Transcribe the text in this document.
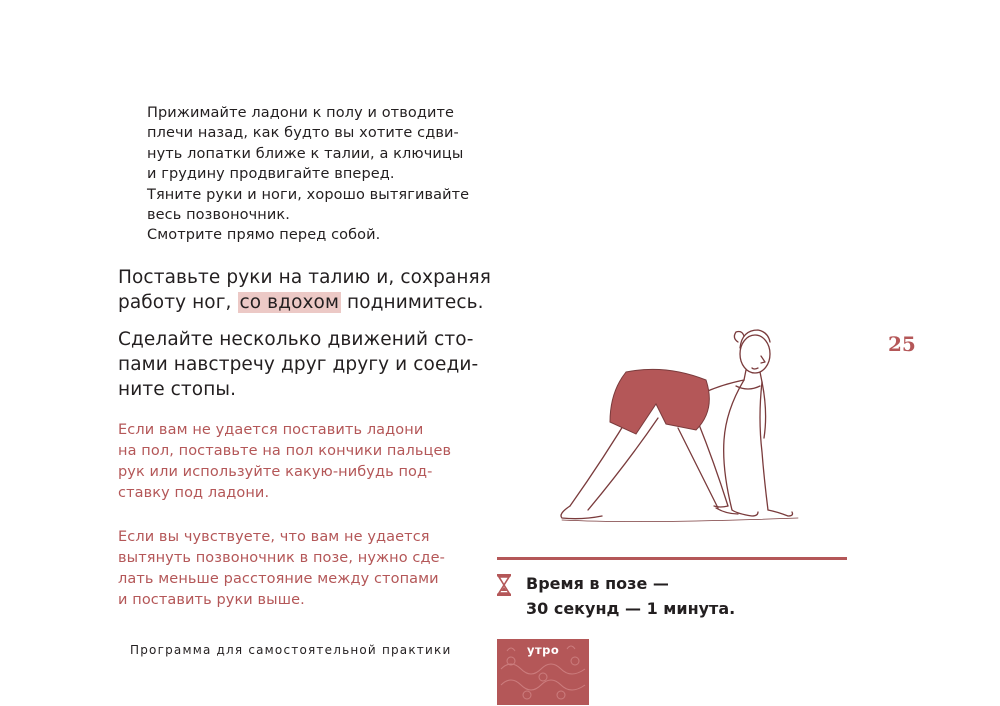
Прижимайте ладони к полу и отводите

плечи назад, как будто вы хотите сдви-

нуть лопатки ближе к талии, а ключицы

и грудину продвигайте вперед.

Тяните руки и ноги, хорошо вытягивайте

весь позвоночник.

Смотрите прямо перед собой.

Поставьте руки на талию и, сохраняя

работу ног, со вдохом поднимитесь.

Сделайте несколько движений сто-

пами навстречу друг другу и соеди-

ните стопы.

Если вам не удается поставить ладони

на пол, поставьте на пол кончики пальцев

рук или используйте какую-нибудь под-

ставку под ладони.

Если вы чувствуете, что вам не удается

вытянуть позвоночник в позе, нужно сде-

лать меньше расстояние между стопами

и поставить руки выше.

Программа для самостоятельной практики
25
Время в позе —
30 секунд — 1 минута.
утро
